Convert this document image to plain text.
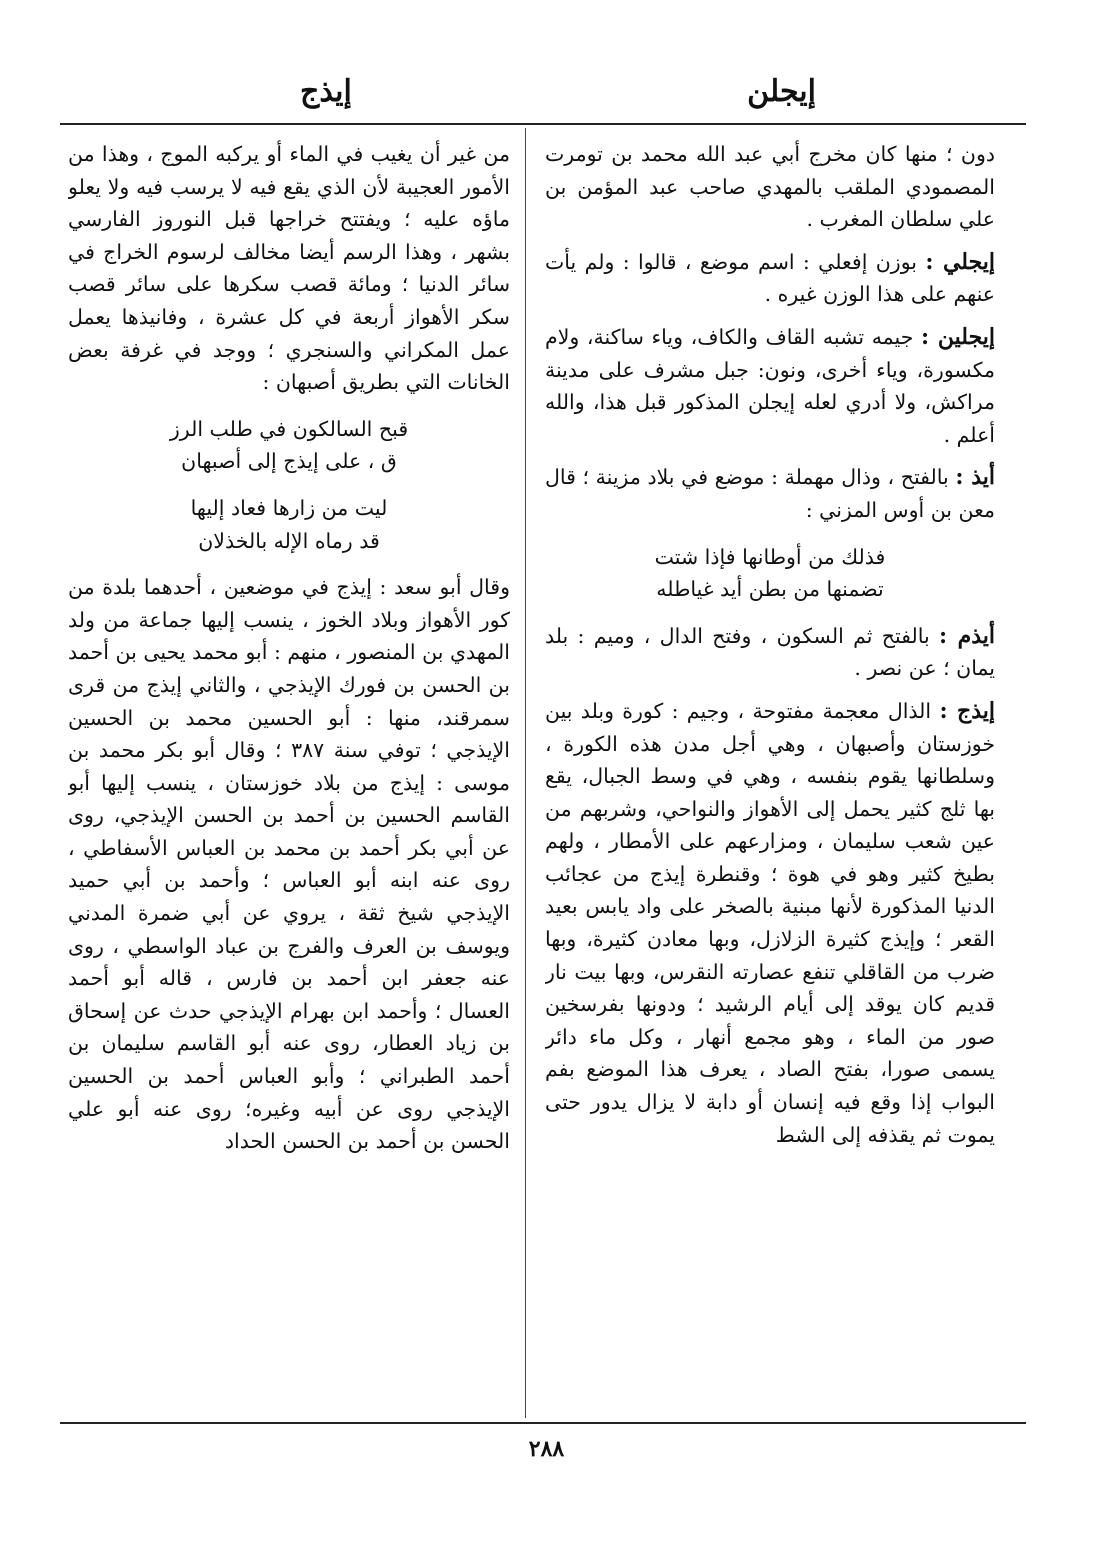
إيجلن
إيذج

دون ؛ منها كان مخرج أبي عبد الله محمد بن تومرت المصمودي الملقب بالمهدي صاحب عبد المؤمن بن علي سلطان المغرب .

إيجلي : بوزن إفعلي : اسم موضع ، قالوا : ولم يأت عنهم على هذا الوزن غيره .

إيجلين : جيمه تشبه القاف والكاف، وياء ساكنة، ولام مكسورة، وياء أخرى، ونون: جبل مشرف على مدينة مراكش، ولا أدري لعله إيجلن المذكور قبل هذا، والله أعلم .

أيذ : بالفتح ، وذال مهملة : موضع في بلاد مزينة ؛ قال معن بن أوس المزني :

فذلك من أوطانها فإذا شتت
تضمنها من بطن أيد غياطله

أيذم : بالفتح ثم السكون ، وفتح الدال ، وميم : بلد يمان ؛ عن نصر .

إيذج : الذال معجمة مفتوحة ، وجيم : كورة وبلد بين خوزستان وأصبهان ، وهي أجل مدن هذه الكورة ، وسلطانها يقوم بنفسه ، وهي في وسط الجبال، يقع بها ثلج كثير يحمل إلى الأهواز والنواحي، وشربهم من عين شعب سليمان ، ومزارعهم على الأمطار ، ولهم بطيخ كثير وهو في هوة ؛ وقنطرة إيذج من عجائب الدنيا المذكورة لأنها مبنية بالصخر على واد يابس بعيد القعر ؛ وإيذج كثيرة الزلازل، وبها معادن كثيرة، وبها ضرب من القاقلي تنفع عصارته النقرس، وبها بيت نار قديم كان يوقد إلى أيام الرشيد ؛ ودونها بفرسخين صور من الماء ، وهو مجمع أنهار ، وكل ماء دائر يسمى صورا، بفتح الصاد ، يعرف هذا الموضع بفم البواب إذا وقع فيه إنسان أو دابة لا يزال يدور حتى يموت ثم يقذفه إلى الشط

من غير أن يغيب في الماء أو يركبه الموج ، وهذا من الأمور العجيبة لأن الذي يقع فيه لا يرسب فيه ولا يعلو ماؤه عليه ؛ ويفتتح خراجها قبل النوروز الفارسي بشهر ، وهذا الرسم أيضا مخالف لرسوم الخراج في سائر الدنيا ؛ ومائة قصب سكرها على سائر قصب سكر الأهواز أربعة في كل عشرة ، وفانيذها يعمل عمل المكراني والسنجري ؛ ووجد في غرفة بعض الخانات التي بطريق أصبهان :

قبح السالكون في طلب الرز
ق ، على إيذج إلى أصبهان
ليت من زارها فعاد إليها
قد رماه الإله بالخذلان

وقال أبو سعد : إيذج في موضعين ، أحدهما بلدة من كور الأهواز وبلاد الخوز ، ينسب إليها جماعة من ولد المهدي بن المنصور ، منهم : أبو محمد يحيى بن أحمد بن الحسن بن فورك الإيذجي ، والثاني إيذج من قرى سمرقند، منها : أبو الحسين محمد بن الحسين الإيذجي ؛ توفي سنة ٣٨٧ ؛ وقال أبو بكر محمد بن موسى : إيذج من بلاد خوزستان ، ينسب إليها أبو القاسم الحسين بن أحمد بن الحسن الإيذجي، روى عن أبي بكر أحمد بن محمد بن العباس الأسفاطي ، روى عنه ابنه أبو العباس ؛ وأحمد بن أبي حميد الإيذجي شيخ ثقة ، يروي عن أبي ضمرة المدني ويوسف بن العرف والفرج بن عباد الواسطي ، روى عنه جعفر ابن أحمد بن فارس ، قاله أبو أحمد العسال ؛ وأحمد ابن بهرام الإيذجي حدث عن إسحاق بن زياد العطار، روى عنه أبو القاسم سليمان بن أحمد الطبراني ؛ وأبو العباس أحمد بن الحسين الإيذجي روى عن أبيه وغيره؛ روى عنه أبو علي الحسن بن أحمد بن الحسن الحداد

٢٨٨
